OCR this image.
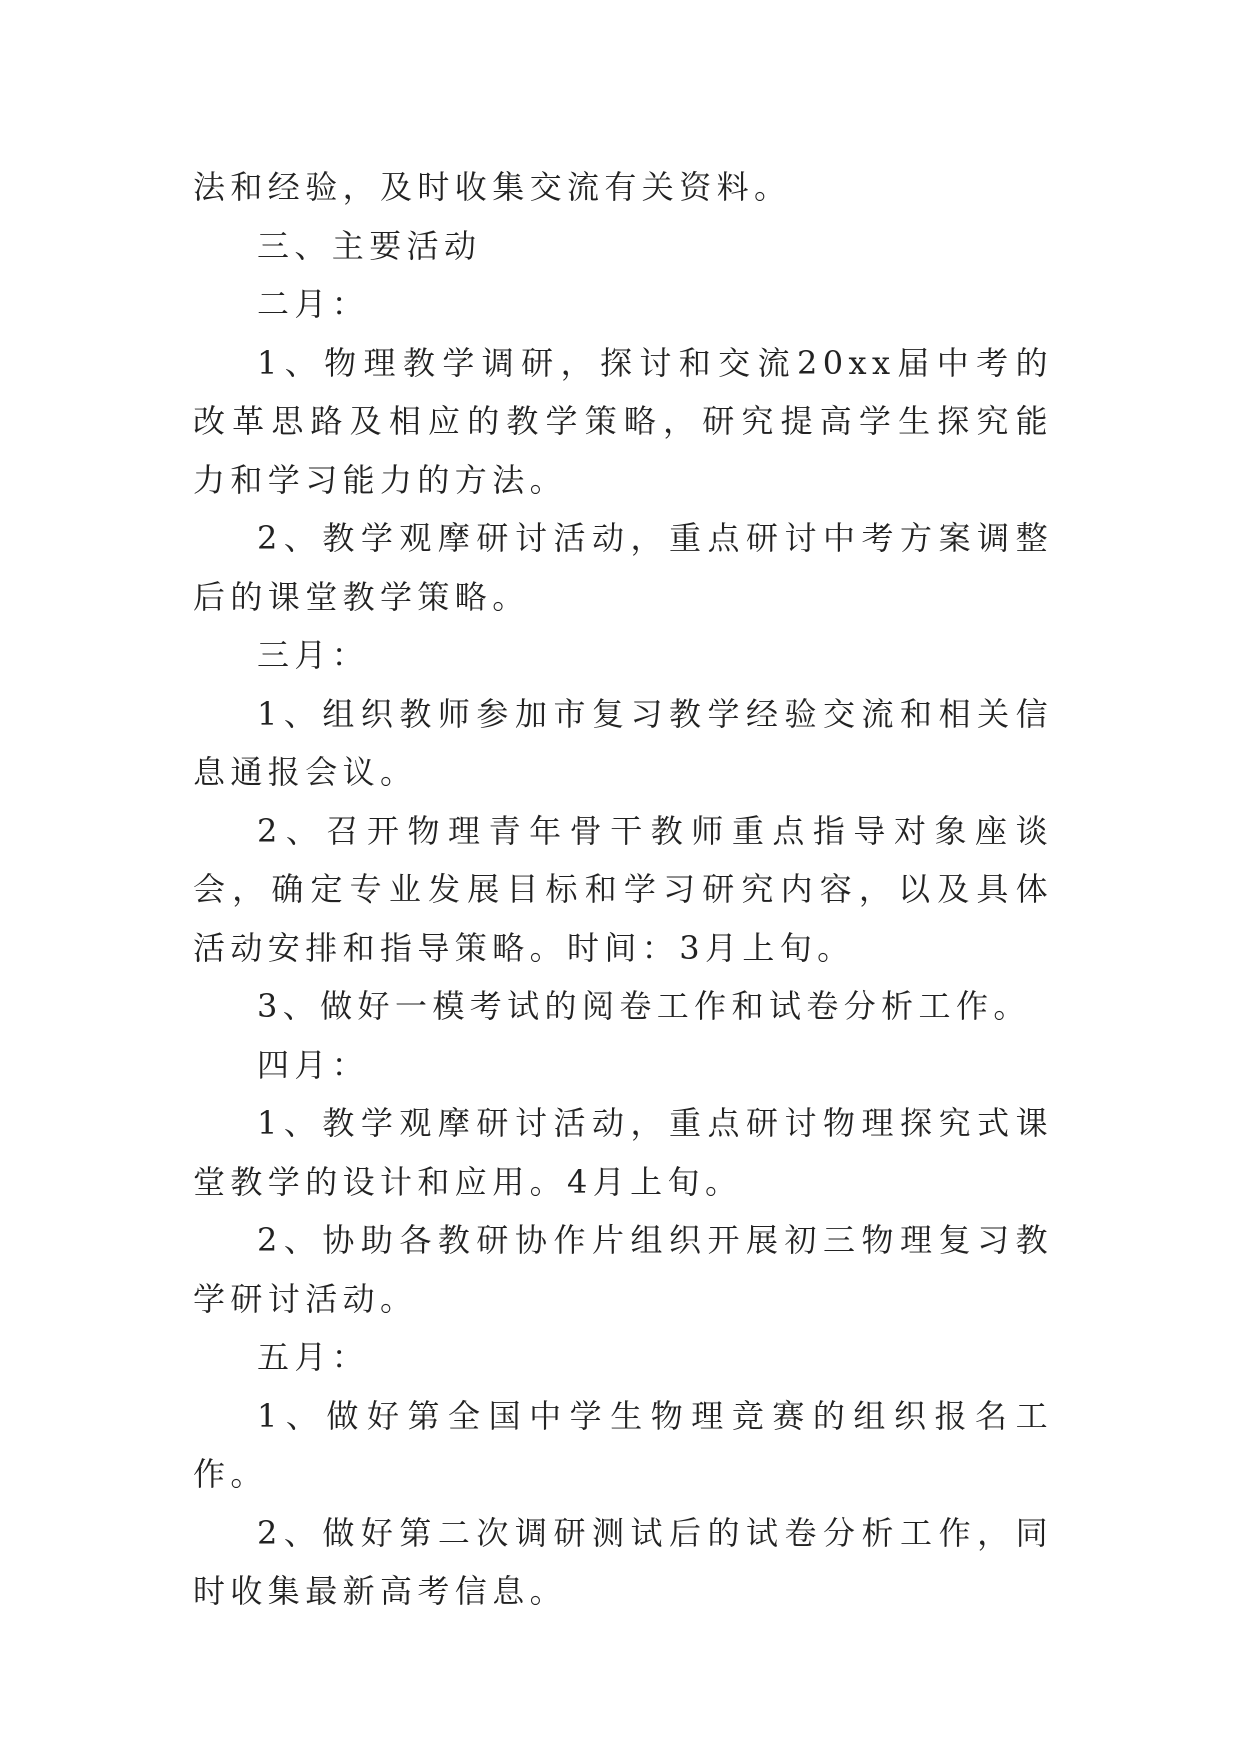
法和经验，及时收集交流有关资料。

三、主要活动

二月：

1、物理教学调研，探讨和交流20xx届中考的改革思路及相应的教学策略，研究提高学生探究能力和学习能力的方法。

2、教学观摩研讨活动，重点研讨中考方案调整后的课堂教学策略。

三月：

1、组织教师参加市复习教学经验交流和相关信息通报会议。

2、召开物理青年骨干教师重点指导对象座谈会，确定专业发展目标和学习研究内容，以及具体活动安排和指导策略。时间：3月上旬。

3、做好一模考试的阅卷工作和试卷分析工作。

四月：

1、教学观摩研讨活动，重点研讨物理探究式课堂教学的设计和应用。4月上旬。

2、协助各教研协作片组织开展初三物理复习教学研讨活动。

五月：

1、做好第全国中学生物理竞赛的组织报名工作。

2、做好第二次调研测试后的试卷分析工作，同时收集最新高考信息。
